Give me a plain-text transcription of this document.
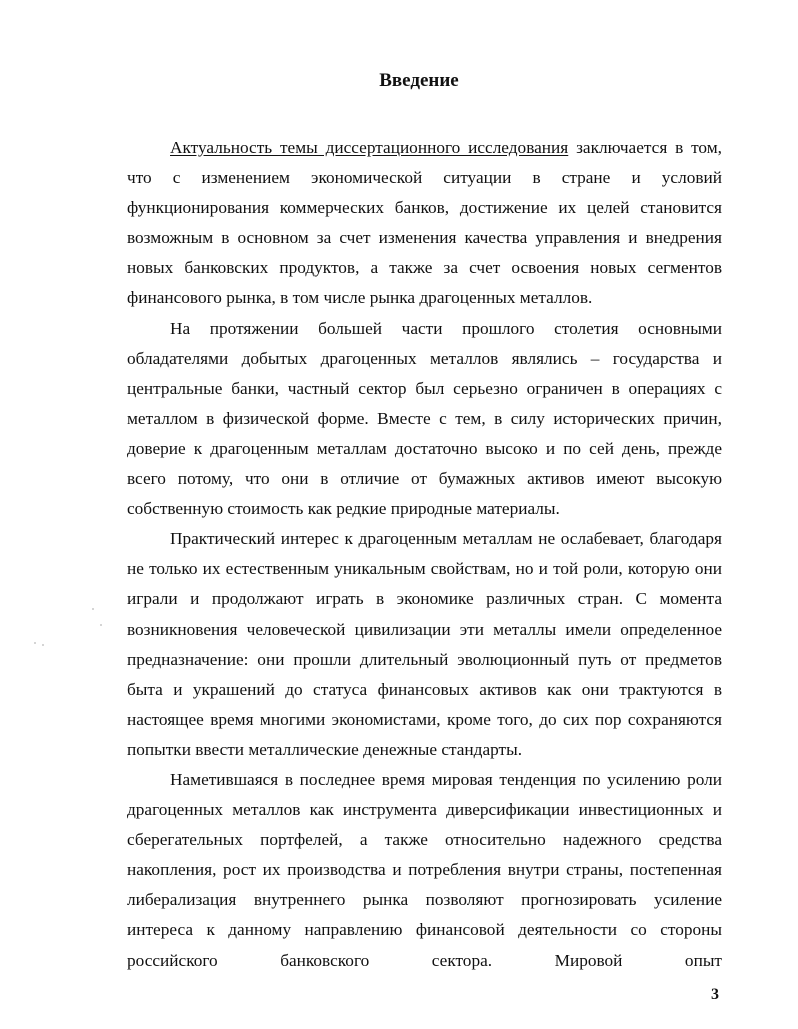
Введение

Актуальность темы диссертационного исследования заключается в том, что с изменением экономической ситуации в стране и условий функционирования коммерческих банков, достижение их целей становится возможным в основном за счет изменения качества управления и внедрения новых банковских продуктов, а также за счет освоения новых сегментов финансового рынка, в том числе рынка драгоценных металлов.

На протяжении большей части прошлого столетия основными обладателями добытых драгоценных металлов являлись – государства и центральные банки, частный сектор был серьезно ограничен в операциях с металлом в физической форме. Вместе с тем, в силу исторических причин, доверие к драгоценным металлам достаточно высоко и по сей день, прежде всего потому, что они в отличие от бумажных активов имеют высокую собственную стоимость как редкие природные материалы.

Практический интерес к драгоценным металлам не ослабевает, благодаря не только их естественным уникальным свойствам, но и той роли, которую они играли и продолжают играть в экономике различных стран. С момента возникновения человеческой цивилизации эти металлы имели определенное предназначение: они прошли длительный эволюционный путь от предметов быта и украшений до статуса финансовых активов как они трактуются в настоящее время многими экономистами, кроме того, до сих пор сохраняются попытки ввести металлические денежные стандарты.

Наметившаяся в последнее время мировая тенденция по усилению роли драгоценных металлов как инструмента диверсификации инвестиционных и сберегательных портфелей, а также относительно надежного средства накопления, рост их производства и потребления внутри страны, постепенная либерализация внутреннего рынка позволяют прогнозировать усиление интереса к данному направлению финансовой деятельности со стороны российского банковского сектора. Мировой опыт

3
